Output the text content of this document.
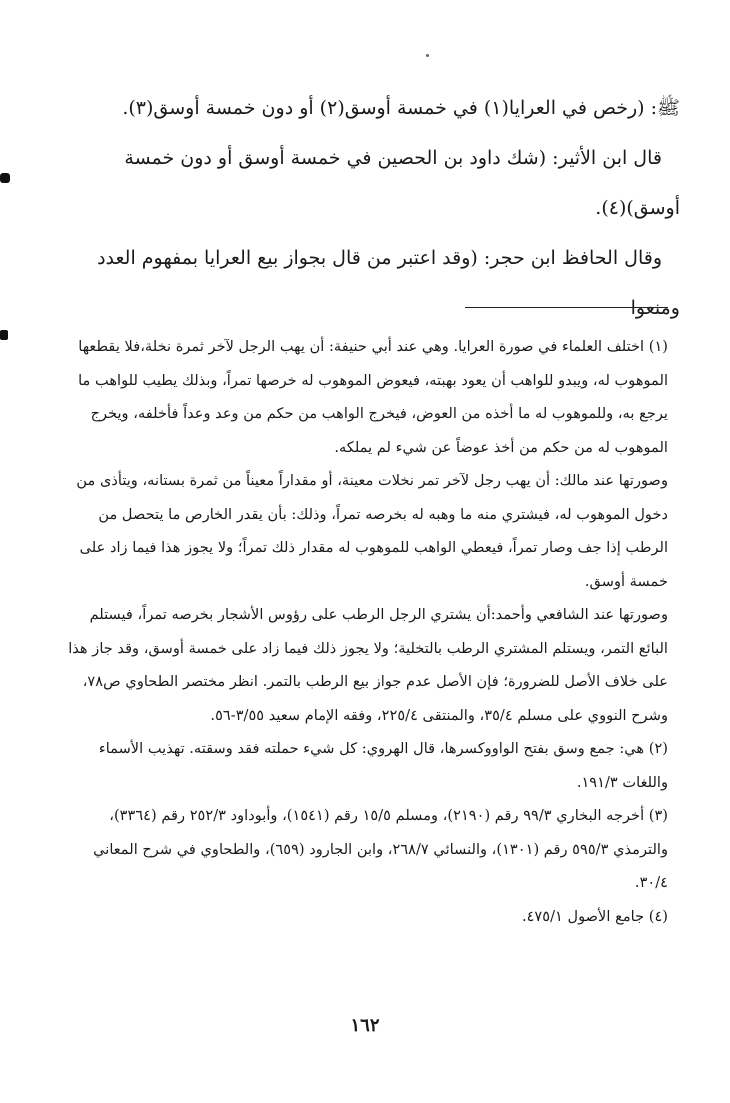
ﷺ: (رخص في العرايا(١) في خمسة أوسق(٢) أو دون خمسة أوسق(٣).

قال ابن الأثير: (شك داود بن الحصين في خمسة أوسق أو دون خمسة أوسق)(٤).

وقال الحافظ ابن حجر: (وقد اعتبر من قال بجواز بيع العرايا بمفهوم العدد ومنعوا

(١) اختلف العلماء في صورة العرايا. وهي عند أبي حنيفة: أن يهب الرجل لآخر ثمرة نخلة،فلا يقطعها الموهوب له، ويبدو للواهب أن يعود بهبته، فيعوض الموهوب له خرصها تمراً، وبذلك يطيب للواهب ما يرجع به، وللموهوب له ما أخذه من العوض، فيخرج الواهب من حكم من وعد وعداً فأخلفه، ويخرج الموهوب له من حكم من أخذ عوضاً عن شيء لم يملكه.

وصورتها عند مالك: أن يهب رجل لآخر تمر نخلات معينة، أو مقداراً معيناً من ثمرة بستانه، ويتأذى من دخول الموهوب له، فيشتري منه ما وهبه له بخرصه تمراً، وذلك: بأن يقدر الخارص ما يتحصل من الرطب إذا جف وصار تمراً، فيعطي الواهب للموهوب له مقدار ذلك تمراً؛ ولا يجوز هذا فيما زاد على خمسة أوسق.

وصورتها عند الشافعي وأحمد:أن يشتري الرجل الرطب على رؤوس الأشجار بخرصه تمراً، فيستلم البائع التمر، ويستلم المشتري الرطب بالتخلية؛ ولا يجوز ذلك فيما زاد على خمسة أوسق، وقد جاز هذا على خلاف الأصل للضرورة؛ فإن الأصل عدم جواز بيع الرطب بالتمر. انظر مختصر الطحاوي ص٧٨، وشرح النووي على مسلم ٣٥/٤، والمنتقى ٢٢٥/٤، وفقه الإمام سعيد ٣/٥٥-٥٦.

(٢) هي: جمع وسق بفتح الواووكسرها، قال الهروي: كل شيء حملته فقد وسقته. تهذيب الأسماء واللغات ١٩١/٣.

(٣) أخرجه البخاري ٩٩/٣ رقم (٢١٩٠)، ومسلم ١٥/٥ رقم (١٥٤١)، وأبوداود ٢٥٢/٣ رقم (٣٣٦٤)، والترمذي ٥٩٥/٣ رقم (١٣٠١)، والنسائي ٢٦٨/٧، وابن الجارود (٦٥٩)، والطحاوي في شرح المعاني ٣٠/٤.

(٤) جامع الأصول ٤٧٥/١.

١٦٢
